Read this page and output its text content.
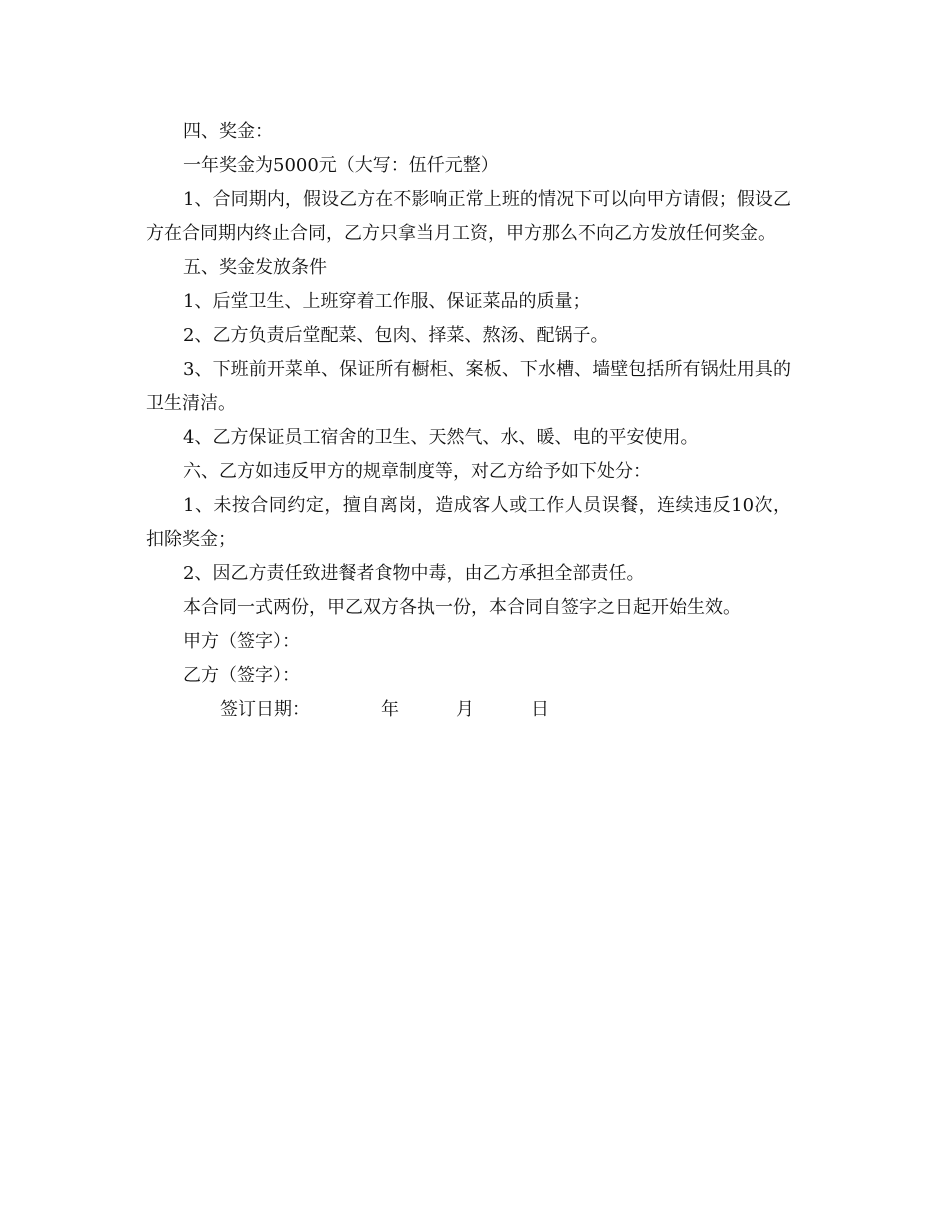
四、奖金：

一年奖金为5000元（大写：伍仟元整）

1、合同期内，假设乙方在不影响正常上班的情况下可以向甲方请假；假设乙方在合同期内终止合同，乙方只拿当月工资，甲方那么不向乙方发放任何奖金。

五、奖金发放条件

1、后堂卫生、上班穿着工作服、保证菜品的质量；

2、乙方负责后堂配菜、包肉、择菜、熬汤、配锅子。

3、下班前开菜单、保证所有橱柜、案板、下水槽、墙壁包括所有锅灶用具的卫生清洁。

4、乙方保证员工宿舍的卫生、天然气、水、暖、电的平安使用。

六、乙方如违反甲方的规章制度等，对乙方给予如下处分：

1、未按合同约定，擅自离岗，造成客人或工作人员误餐，连续违反10次，扣除奖金；

2、因乙方责任致进餐者食物中毒，由乙方承担全部责任。

本合同一式两份，甲乙双方各执一份，本合同自签字之日起开始生效。

甲方（签字）：

乙方（签字）：

签订日期：	年	月	日
